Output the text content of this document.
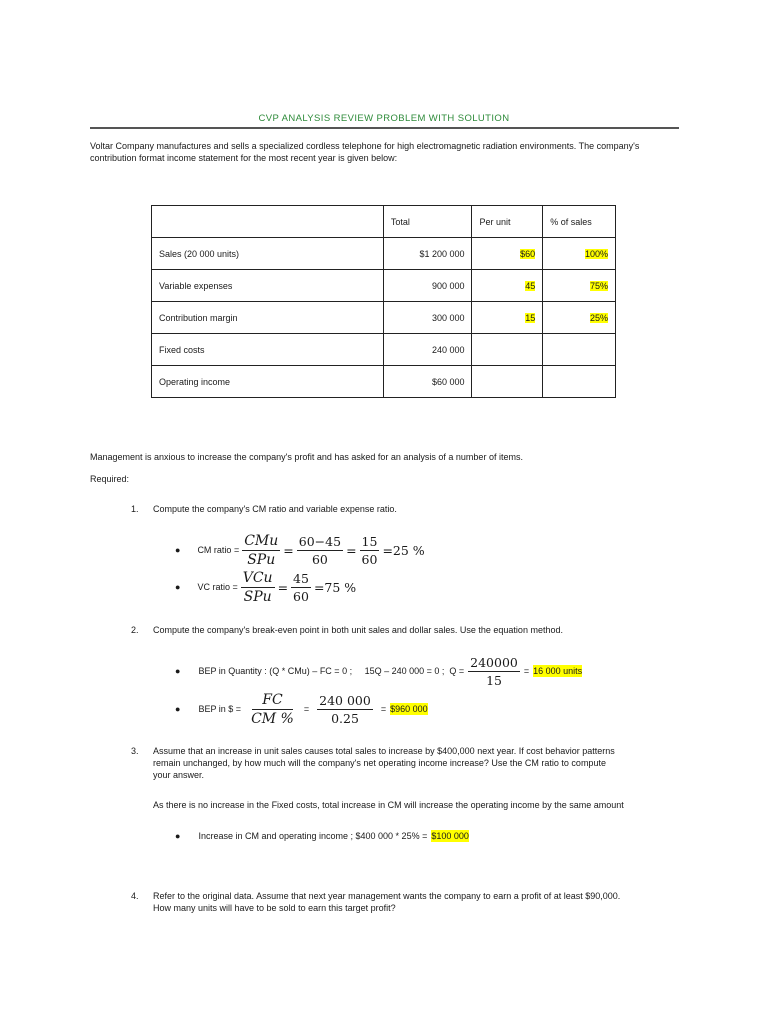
CVP ANALYSIS REVIEW PROBLEM WITH SOLUTION
Voltar Company manufactures and sells a specialized cordless telephone for high electromagnetic radiation environments. The company's contribution format income statement for the most recent year is given below:
	Total	Per unit	% of sales
Sales (20 000 units)	$1 200 000	$60	100%
Variable expenses	900 000	45	75%
Contribution margin	300 000	15	25%
Fixed costs	240 000		
Operating income	$60 000		
Management is anxious to increase the company's profit and has asked for an analysis of a number of items.
Required:
1. Compute the company's CM ratio and variable expense ratio.
● CM ratio = $\frac{\text{CMu}}{\text{SPu}} = \frac{60-45}{60} = \frac{15}{60} =25$ %
● VC ratio = $\frac{\text{VCu}}{\text{SPu}} = \frac{45}{60} =75$ %
2. Compute the company's break-even point in both unit sales and dollar sales. Use the equation method.
● BEP in Quantity : (Q * CMu) – FC = 0 ;     15Q – 240 000 = 0 ;  $Q = \frac{240000}{15} = 16$ 000 units
● BEP in $ = $\frac{FC}{CM \%} = \frac{240 000}{0.25}$ = $960 000
3. Assume that an increase in unit sales causes total sales to increase by $400,000 next year. If cost behavior patterns
remain unchanged, by how much will the company's net operating income increase? Use the CM ratio to compute
your answer.
As there is no increase in the Fixed costs, total increase in CM will increase the operating income by the same amount
● Increase in CM and operating income ; $400 000 * 25% = $100 000
4. Refer to the original data. Assume that next year management wants the company to earn a profit of at least $90,000.
How many units will have to be sold to earn this target profit?
